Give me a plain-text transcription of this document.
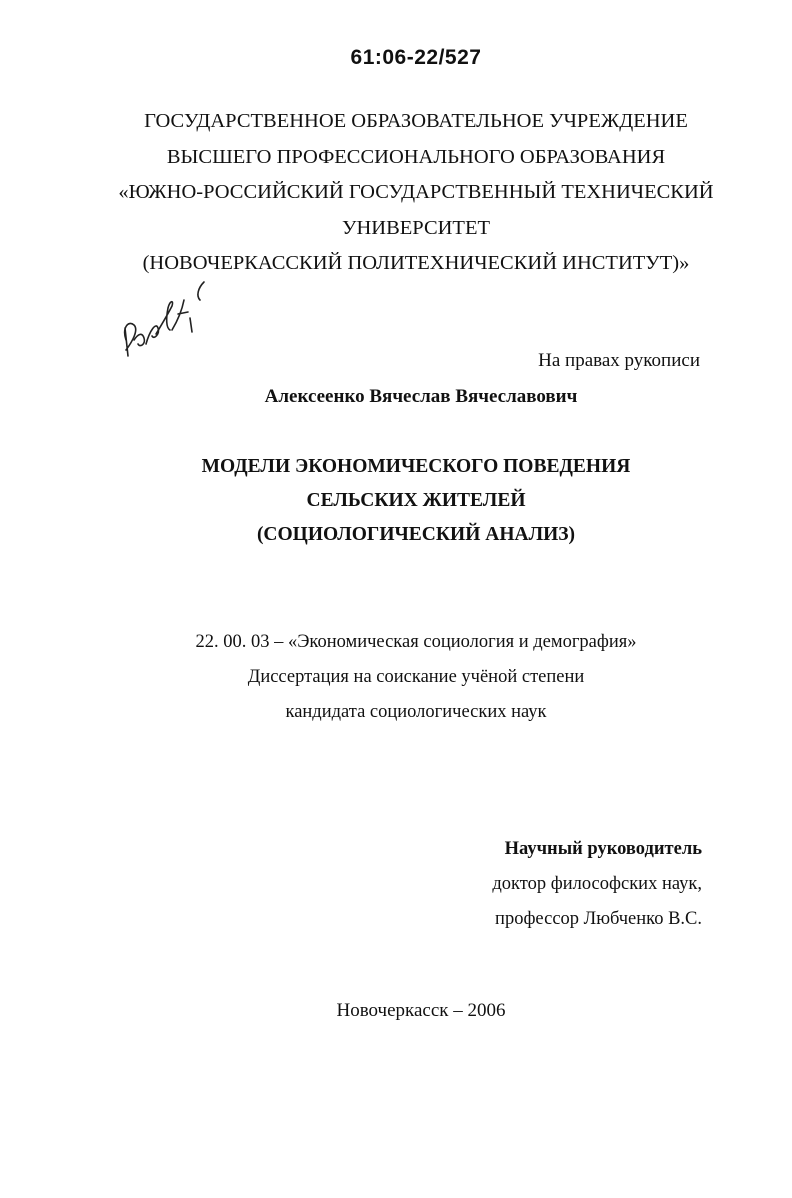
61:06-22/527
ГОСУДАРСТВЕННОЕ ОБРАЗОВАТЕЛЬНОЕ УЧРЕЖДЕНИЕ
ВЫСШЕГО ПРОФЕССИОНАЛЬНОГО ОБРАЗОВАНИЯ
«ЮЖНО-РОССИЙСКИЙ ГОСУДАРСТВЕННЫЙ ТЕХНИЧЕСКИЙ
УНИВЕРСИТЕТ
(НОВОЧЕРКАССКИЙ ПОЛИТЕХНИЧЕСКИЙ ИНСТИТУТ)»
На правах рукописи
Алексеенко Вячеслав Вячеславович
МОДЕЛИ ЭКОНОМИЧЕСКОГО ПОВЕДЕНИЯ
СЕЛЬСКИХ ЖИТЕЛЕЙ
(СОЦИОЛОГИЧЕСКИЙ АНАЛИЗ)
22. 00. 03 – «Экономическая социология и демография»
Диссертация на соискание учёной степени
кандидата социологических наук
Научный руководитель
доктор философских наук,
профессор Любченко В.С.
Новочеркасск – 2006
